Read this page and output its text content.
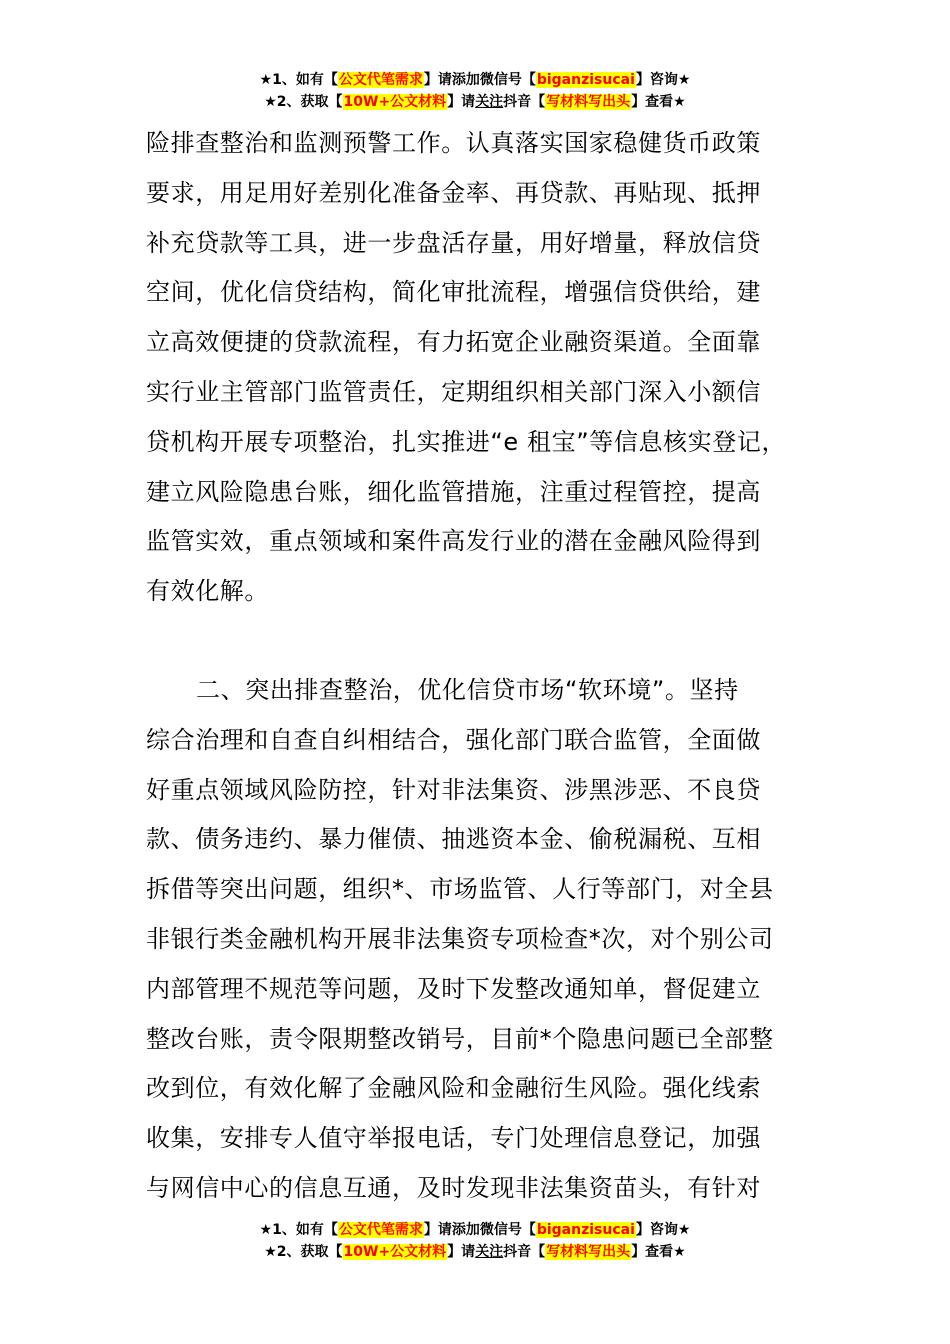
★1、如有【公文代笔需求】请添加微信号【biganzisucai】咨询★
★2、获取【10W+公文材料】请关注抖音【写材料写出头】查看★

险排查整治和监测预警工作。认真落实国家稳健货币政策
要求，用足用好差别化准备金率、再贷款、再贴现、抵押
补充贷款等工具，进一步盘活存量，用好增量，释放信贷
空间，优化信贷结构，简化审批流程，增强信贷供给，建
立高效便捷的贷款流程，有力拓宽企业融资渠道。全面靠
实行业主管部门监管责任，定期组织相关部门深入小额信
贷机构开展专项整治，扎实推进“e 租宝”等信息核实登记，
建立风险隐患台账，细化监管措施，注重过程管控，提高
监管实效，重点领域和案件高发行业的潜在金融风险得到
有效化解。

二、突出排查整治，优化信贷市场“软环境”。坚持
综合治理和自查自纠相结合，强化部门联合监管，全面做
好重点领域风险防控，针对非法集资、涉黑涉恶、不良贷
款、债务违约、暴力催债、抽逃资本金、偷税漏税、互相
拆借等突出问题，组织*、市场监管、人行等部门，对全县
非银行类金融机构开展非法集资专项检查*次，对个别公司
内部管理不规范等问题，及时下发整改通知单，督促建立
整改台账，责令限期整改销号，目前*个隐患问题已全部整
改到位，有效化解了金融风险和金融衍生风险。强化线索
收集，安排专人值守举报电话，专门处理信息登记，加强
与网信中心的信息互通，及时发现非法集资苗头，有针对

★1、如有【公文代笔需求】请添加微信号【biganzisucai】咨询★
★2、获取【10W+公文材料】请关注抖音【写材料写出头】查看★
